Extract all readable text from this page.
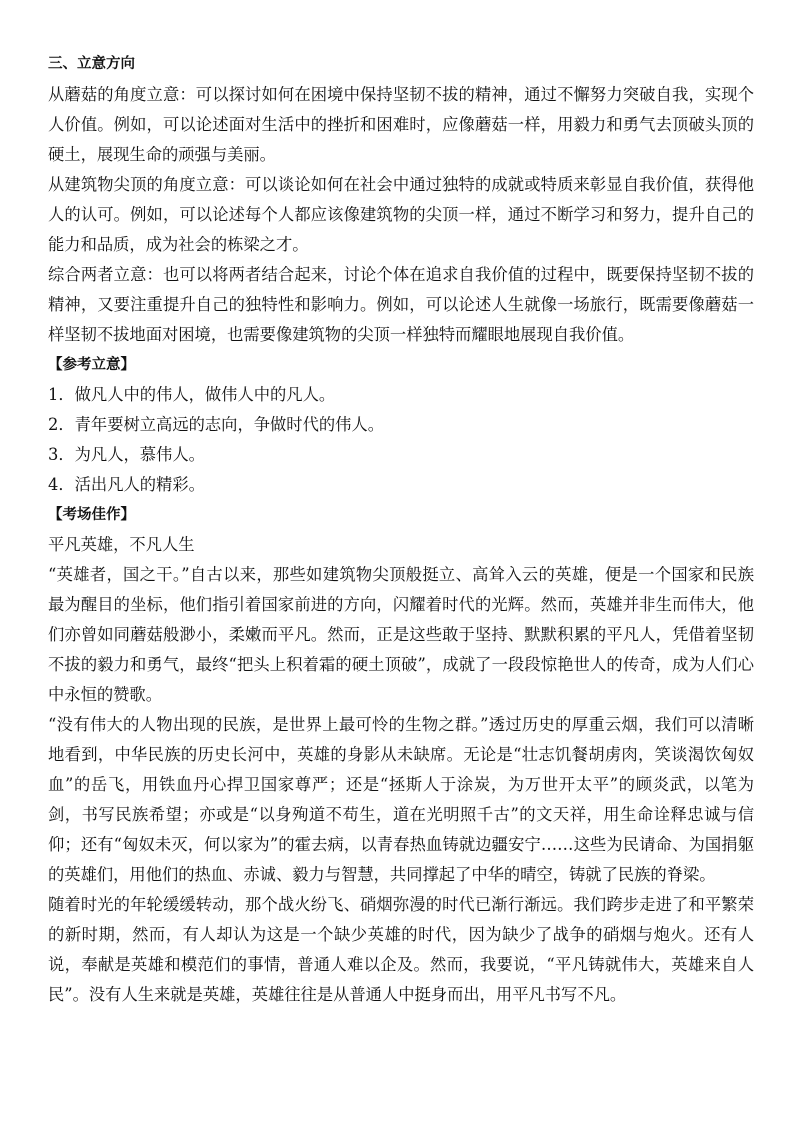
三、立意方向

从蘑菇的角度立意：可以探讨如何在困境中保持坚韧不拔的精神，通过不懈努力突破自我，实现个人价值。例如，可以论述面对生活中的挫折和困难时，应像蘑菇一样，用毅力和勇气去顶破头顶的硬土，展现生命的顽强与美丽。

从建筑物尖顶的角度立意：可以谈论如何在社会中通过独特的成就或特质来彰显自我价值，获得他人的认可。例如，可以论述每个人都应该像建筑物的尖顶一样，通过不断学习和努力，提升自己的能力和品质，成为社会的栋梁之才。

综合两者立意：也可以将两者结合起来，讨论个体在追求自我价值的过程中，既要保持坚韧不拔的精神，又要注重提升自己的独特性和影响力。例如，可以论述人生就像一场旅行，既需要像蘑菇一样坚韧不拔地面对困境，也需要像建筑物的尖顶一样独特而耀眼地展现自我价值。

【参考立意】
1．做凡人中的伟人，做伟人中的凡人。
2．青年要树立高远的志向，争做时代的伟人。
3．为凡人，慕伟人。
4．活出凡人的精彩。
【考场佳作】
平凡英雄，不凡人生

“英雄者，国之干。”自古以来，那些如建筑物尖顶般挺立、高耸入云的英雄，便是一个国家和民族最为醒目的坐标，他们指引着国家前进的方向，闪耀着时代的光辉。然而，英雄并非生而伟大，他们亦曾如同蘑菇般渺小，柔嫩而平凡。然而，正是这些敢于坚持、默默积累的平凡人，凭借着坚韧不拔的毅力和勇气，最终“把头上积着霜的硬土顶破”，成就了一段段惊艳世人的传奇，成为人们心中永恒的赞歌。

“没有伟大的人物出现的民族，是世界上最可怜的生物之群。”透过历史的厚重云烟，我们可以清晰地看到，中华民族的历史长河中，英雄的身影从未缺席。无论是“壮志饥餐胡虏肉，笑谈渴饮匈奴血”的岳飞，用铁血丹心捍卫国家尊严；还是“拯斯人于涂炭，为万世开太平”的顾炎武，以笔为剑，书写民族希望；亦或是“以身殉道不苟生，道在光明照千古”的文天祥，用生命诠释忠诚与信仰；还有“匈奴未灭，何以家为”的霍去病，以青春热血铸就边疆安宁……这些为民请命、为国捐躯的英雄们，用他们的热血、赤诚、毅力与智慧，共同撑起了中华的晴空，铸就了民族的脊梁。

随着时光的年轮缓缓转动，那个战火纷飞、硝烟弥漫的时代已渐行渐远。我们跨步走进了和平繁荣的新时期，然而，有人却认为这是一个缺少英雄的时代，因为缺少了战争的硝烟与炮火。还有人说，奉献是英雄和模范们的事情，普通人难以企及。然而，我要说，“平凡铸就伟大，英雄来自人民”。没有人生来就是英雄，英雄往往是从普通人中挺身而出，用平凡书写不凡。
